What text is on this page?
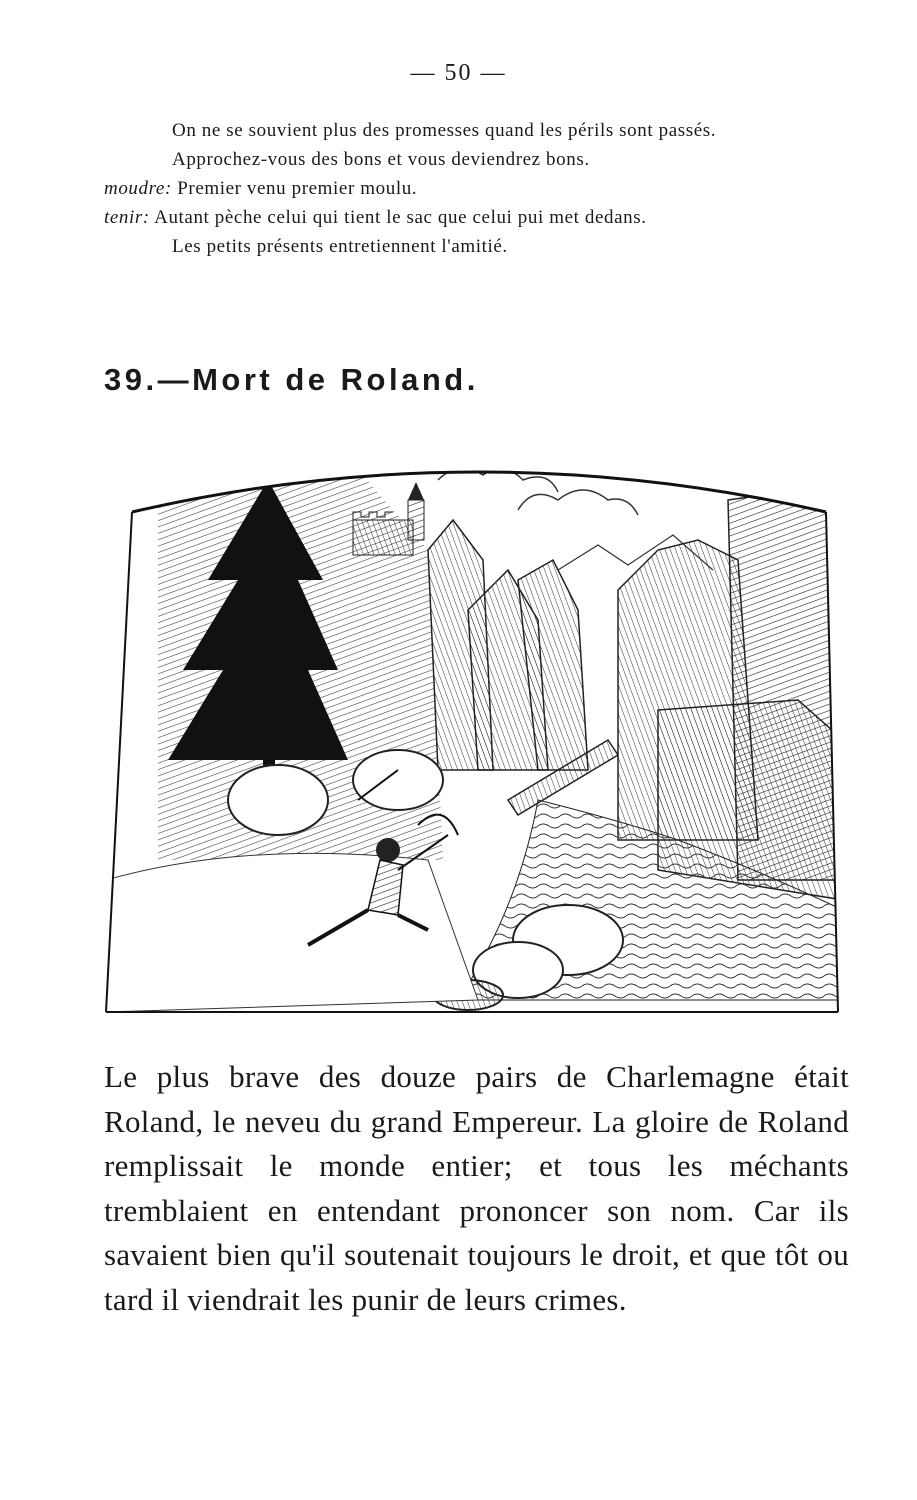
— 50 —
On ne se souvient plus des promesses quand les périls sont passés.
Approchez-vous des bons et vous deviendrez bons.
moudre: Premier venu premier moulu.
tenir: Autant pèche celui qui tient le sac que celui pui met dedans.
Les petits présents entretiennent l'amitié.
39.—Mort de Roland.
Le plus brave des douze pairs de Charlemagne était Roland, le neveu du grand Empereur. La gloire de Roland remplissait le monde entier; et tous les méchants tremblaient en entendant prononcer son nom. Car ils savaient bien qu'il soutenait toujours le droit, et que tôt ou tard il viendrait les punir de leurs crimes.
